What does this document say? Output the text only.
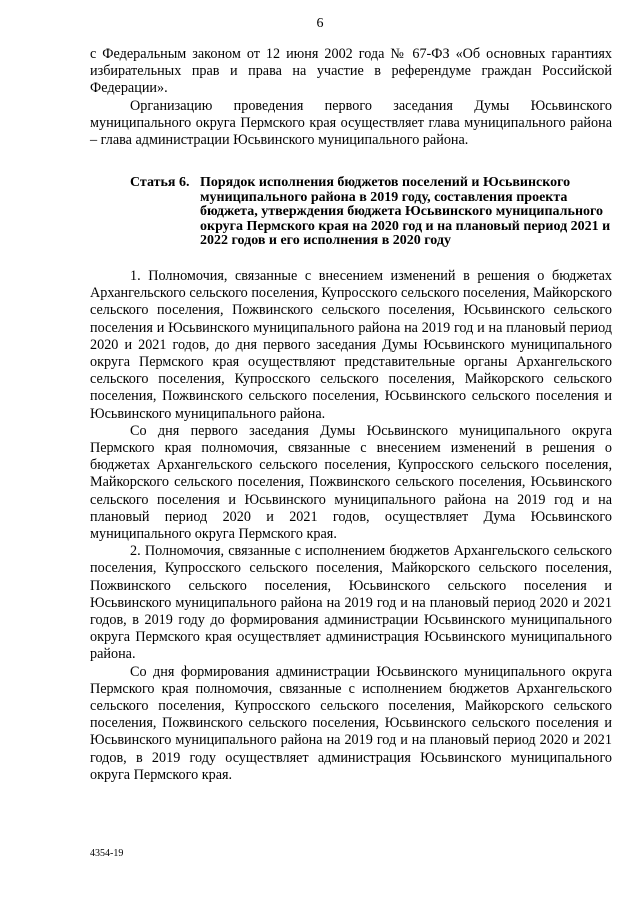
6

с Федеральным законом от 12 июня 2002 года № 67-ФЗ «Об основных гарантиях избирательных прав и права на участие в референдуме граждан Российской Федерации».

Организацию проведения первого заседания Думы Юсьвинского муниципального округа Пермского края осуществляет глава муниципального района – глава администрации Юсьвинского муниципального района.

Статья 6. Порядок исполнения бюджетов поселений и Юсьвинского муниципального района в 2019 году, составления проекта бюджета, утверждения бюджета Юсьвинского муниципального округа Пермского края на 2020 год и на плановый период 2021 и 2022 годов и его исполнения в 2020 году

1. Полномочия, связанные с внесением изменений в решения о бюджетах Архангельского сельского поселения, Купросского сельского поселения, Майкорского сельского поселения, Пожвинского сельского поселения, Юсьвинского сельского поселения и Юсьвинского муниципального района на 2019 год и на плановый период 2020 и 2021 годов, до дня первого заседания Думы Юсьвинского муниципального округа Пермского края осуществляют представительные органы Архангельского сельского поселения, Купросского сельского поселения, Майкорского сельского поселения, Пожвинского сельского поселения, Юсьвинского сельского поселения и Юсьвинского муниципального района.

Со дня первого заседания Думы Юсьвинского муниципального округа Пермского края полномочия, связанные с внесением изменений в решения о бюджетах Архангельского сельского поселения, Купросского сельского поселения, Майкорского сельского поселения, Пожвинского сельского поселения, Юсьвинского сельского поселения и Юсьвинского муниципального района на 2019 год и на плановый период 2020 и 2021 годов, осуществляет Дума Юсьвинского муниципального округа Пермского края.

2. Полномочия, связанные с исполнением бюджетов Архангельского сельского поселения, Купросского сельского поселения, Майкорского сельского поселения, Пожвинского сельского поселения, Юсьвинского сельского поселения и Юсьвинского муниципального района на 2019 год и на плановый период 2020 и 2021 годов, в 2019 году до формирования администрации Юсьвинского муниципального округа Пермского края осуществляет администрация Юсьвинского муниципального района.

Со дня формирования администрации Юсьвинского муниципального округа Пермского края полномочия, связанные с исполнением бюджетов Архангельского сельского поселения, Купросского сельского поселения, Майкорского сельского поселения, Пожвинского сельского поселения, Юсьвинского сельского поселения и Юсьвинского муниципального района на 2019 год и на плановый период 2020 и 2021 годов, в 2019 году осуществляет администрация Юсьвинского муниципального округа Пермского края.

4354-19
